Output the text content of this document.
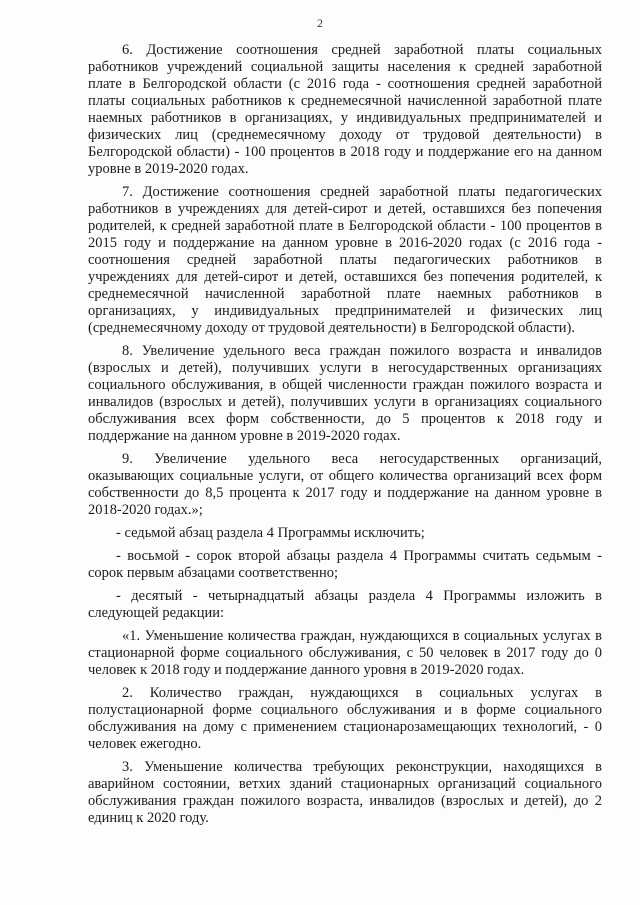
2

6. Достижение соотношения средней заработной платы социальных работников учреждений социальной защиты населения к средней заработной плате в Белгородской области (с 2016 года - соотношения средней заработной платы социальных работников к среднемесячной начисленной заработной плате наемных работников в организациях, у индивидуальных предпринимателей и физических лиц (среднемесячному доходу от трудовой деятельности) в Белгородской области) - 100 процентов в 2018 году и поддержание его на данном уровне в 2019-2020 годах.

7. Достижение соотношения средней заработной платы педагогических работников в учреждениях для детей-сирот и детей, оставшихся без попечения родителей, к средней заработной плате в Белгородской области - 100 процентов в 2015 году и поддержание на данном уровне в 2016-2020 годах (с 2016 года - соотношения средней заработной платы педагогических работников в учреждениях для детей-сирот и детей, оставшихся без попечения родителей, к среднемесячной начисленной заработной плате наемных работников в организациях, у индивидуальных предпринимателей и физических лиц (среднемесячному доходу от трудовой деятельности) в Белгородской области).

8. Увеличение удельного веса граждан пожилого возраста и инвалидов (взрослых и детей), получивших услуги в негосударственных организациях социального обслуживания, в общей численности граждан пожилого возраста и инвалидов (взрослых и детей), получивших услуги в организациях социального обслуживания всех форм собственности, до 5 процентов к 2018 году и поддержание на данном уровне в 2019-2020 годах.

9. Увеличение удельного веса негосударственных организаций, оказывающих социальные услуги, от общего количества организаций всех форм собственности до 8,5 процента к 2017 году и поддержание на данном уровне в 2018-2020 годах.»;

- седьмой абзац раздела 4 Программы исключить;

- восьмой - сорок второй абзацы раздела 4 Программы считать седьмым - сорок первым абзацами соответственно;

- десятый - четырнадцатый абзацы раздела 4 Программы изложить в следующей редакции:

«1. Уменьшение количества граждан, нуждающихся в социальных услугах в стационарной форме социального обслуживания, с 50 человек в 2017 году до 0 человек к 2018 году и поддержание данного уровня в 2019-2020 годах.

2. Количество граждан, нуждающихся в социальных услугах в полустационарной форме социального обслуживания и в форме социального обслуживания на дому с применением стационарозамещающих технологий, - 0 человек ежегодно.

3. Уменьшение количества требующих реконструкции, находящихся в аварийном состоянии, ветхих зданий стационарных организаций социального обслуживания граждан пожилого возраста, инвалидов (взрослых и детей), до 2 единиц к 2020 году.
